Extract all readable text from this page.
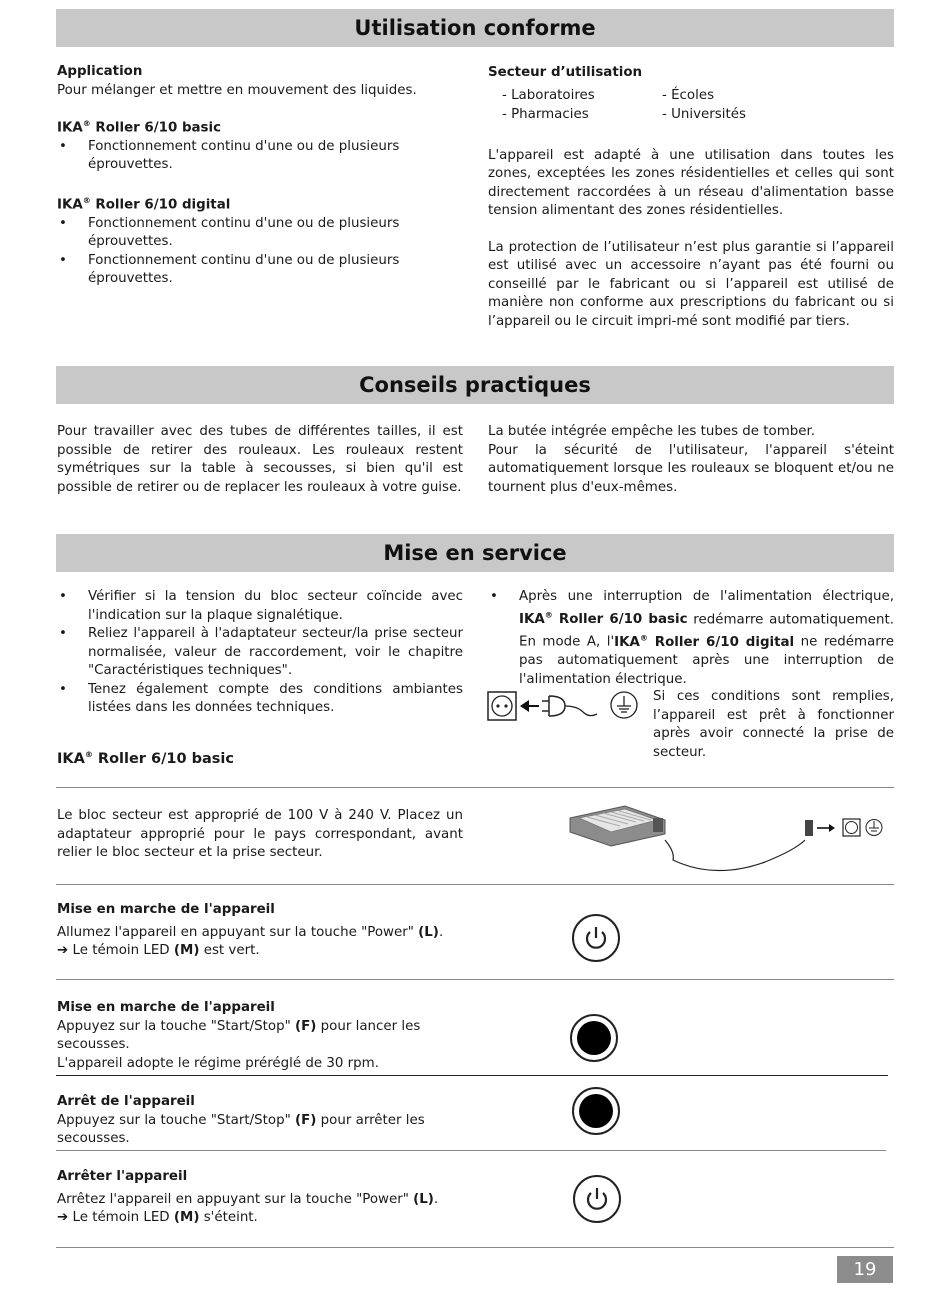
Utilisation conforme
Application
Pour mélanger et mettre en mouvement des liquides.
IKA® Roller 6/10 basic
• Fonctionnement continu d'une ou de plusieurs éprouvettes.
IKA® Roller 6/10 digital
• Fonctionnement continu d'une ou de plusieurs éprouvettes.
• Fonctionnement continu d'une ou de plusieurs éprouvettes.
Secteur d’utilisation
- Laboratoires	- Écoles
- Pharmacies	- Universités
L'appareil est adapté à une utilisation dans toutes les zones, exceptées les zones résidentielles et celles qui sont directement raccordées à un réseau d'alimentation basse tension alimentant des zones résidentielles.
La protection de l’utilisateur n’est plus garantie si l’appareil est utilisé avec un accessoire n’ayant pas été fourni ou conseillé par le fabricant ou si l’appareil est utilisé de manière non conforme aux prescriptions du fabricant ou si l’appareil ou le circuit impri-mé sont modifié par tiers.
Conseils practiques
Pour travailler avec des tubes de différentes tailles, il est possible de retirer des rouleaux. Les rouleaux restent symétriques sur la table à secousses, si bien qu'il est possible de retirer ou de replacer les rouleaux à votre guise.
La butée intégrée empêche les tubes de tomber.
Pour la sécurité de l'utilisateur, l'appareil s'éteint automatiquement lorsque les rouleaux se bloquent et/ou ne tournent plus d'eux-mêmes.
Mise en service
• Vérifier si la tension du bloc secteur coïncide avec l'indication sur la plaque signalétique.
• Reliez l'appareil à l'adaptateur secteur/la prise secteur normalisée, valeur de raccordement, voir le chapitre "Caractéristiques techniques".
• Tenez également compte des conditions ambiantes listées dans les données techniques.
• Après une interruption de l'alimentation électrique, IKA® Roller 6/10 basic redémarre automatiquement. En mode A, l'IKA® Roller 6/10 digital ne redémarre pas automatiquement après une interruption de l'alimentation électrique.
Si ces conditions sont remplies, l’appareil est prêt à fonctionner après avoir connecté la prise de secteur.
IKA® Roller 6/10 basic
Le bloc secteur est approprié de 100 V à 240 V. Placez un adaptateur approprié pour le pays correspondant, avant relier le bloc secteur et la prise secteur.
Mise en marche de l'appareil
Allumez l'appareil en appuyant sur la touche "Power" (L).
➔ Le témoin LED (M) est vert.
Mise en marche de l'appareil
Appuyez sur la touche "Start/Stop" (F) pour lancer les secousses.
L'appareil adopte le régime préréglé de 30 rpm.
Arrêt de l'appareil
Appuyez sur la touche "Start/Stop" (F) pour arrêter les secousses.
Arrêter l'appareil
Arrêtez l'appareil en appuyant sur la touche "Power" (L).
➔ Le témoin LED (M) s'éteint.
19
